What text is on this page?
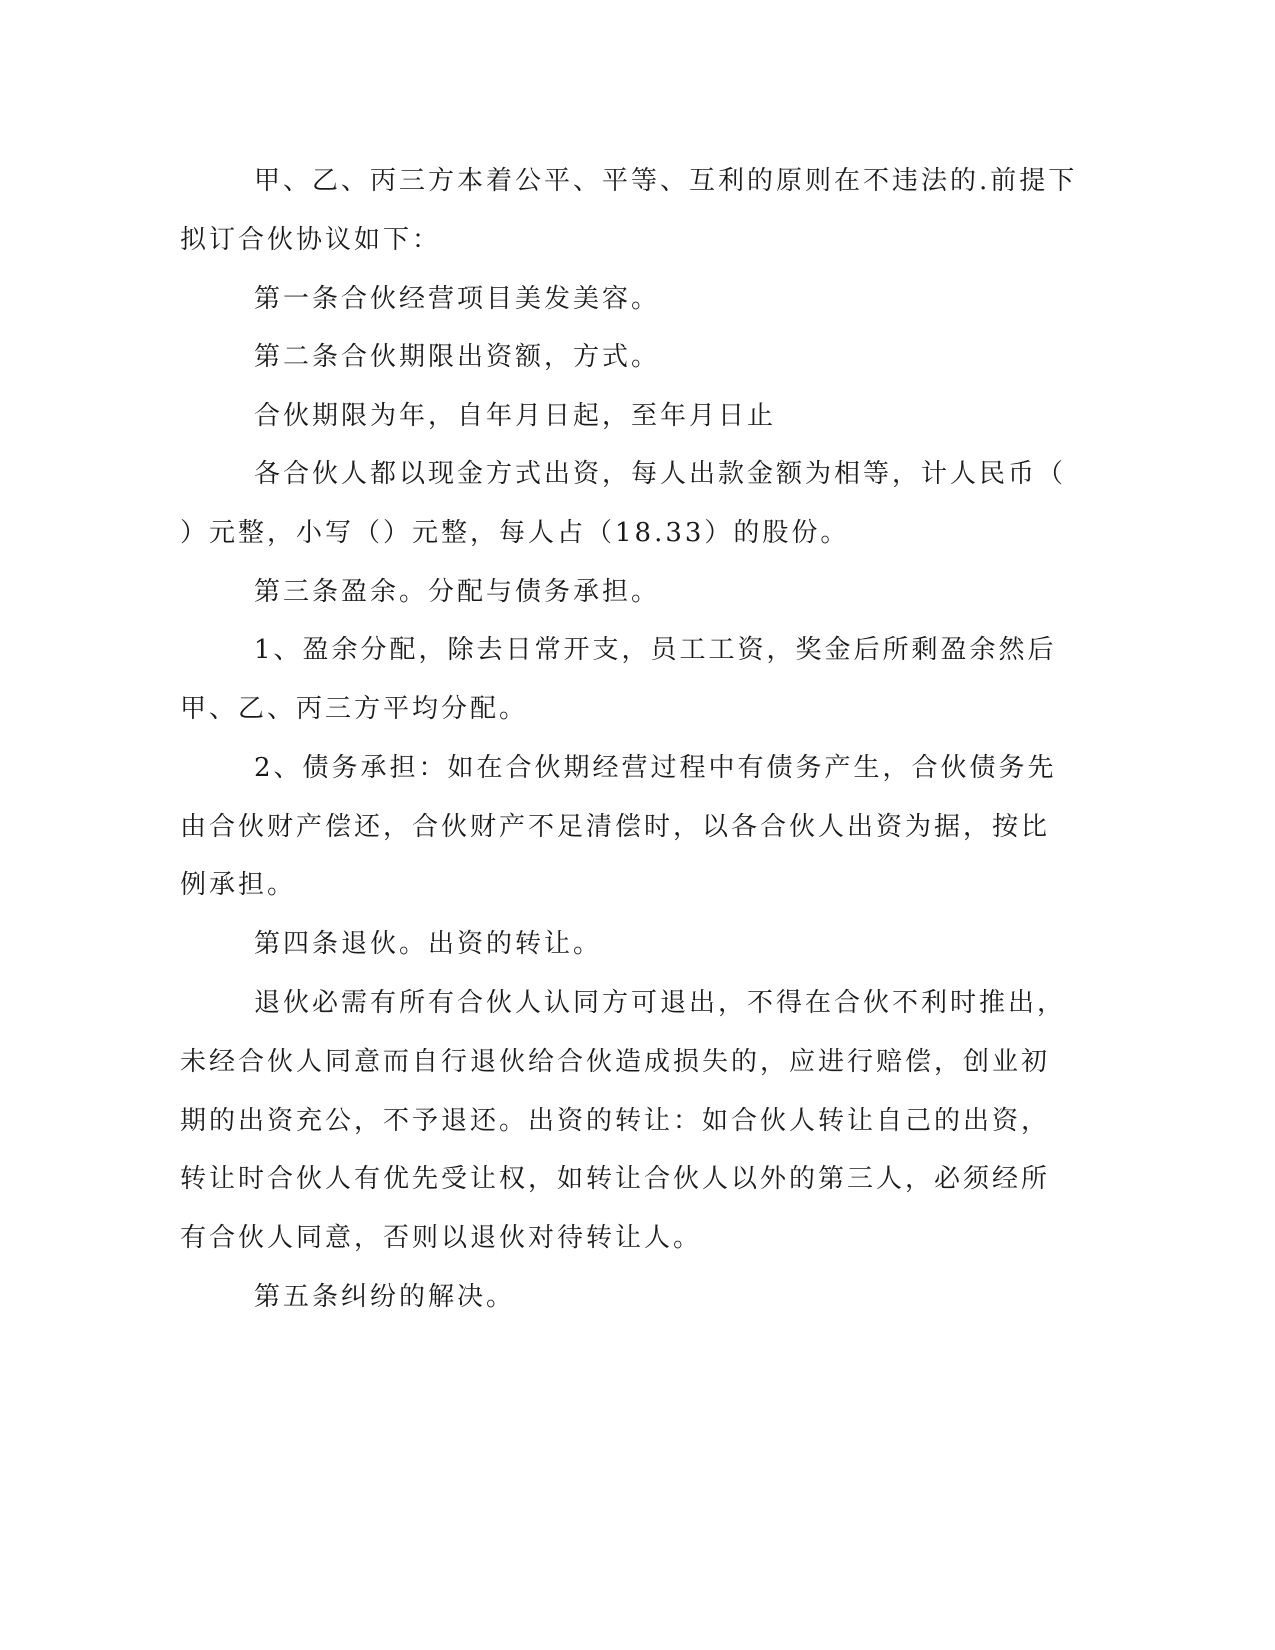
甲、乙、丙三方本着公平、平等、互利的原则在不违法的.前提下
拟订合伙协议如下：
第一条合伙经营项目美发美容。
第二条合伙期限出资额，方式。
合伙期限为年，自年月日起，至年月日止
各合伙人都以现金方式出资，每人出款金额为相等，计人民币（
）元整，小写（）元整，每人占（18.33）的股份。
第三条盈余。分配与债务承担。
1、盈余分配，除去日常开支，员工工资，奖金后所剩盈余然后
甲、乙、丙三方平均分配。
2、债务承担：如在合伙期经营过程中有债务产生，合伙债务先
由合伙财产偿还，合伙财产不足清偿时，以各合伙人出资为据，按比
例承担。
第四条退伙。出资的转让。
退伙必需有所有合伙人认同方可退出，不得在合伙不利时推出，
未经合伙人同意而自行退伙给合伙造成损失的，应进行赔偿，创业初
期的出资充公，不予退还。出资的转让：如合伙人转让自己的出资，
转让时合伙人有优先受让权，如转让合伙人以外的第三人，必须经所
有合伙人同意，否则以退伙对待转让人。
第五条纠纷的解决。
